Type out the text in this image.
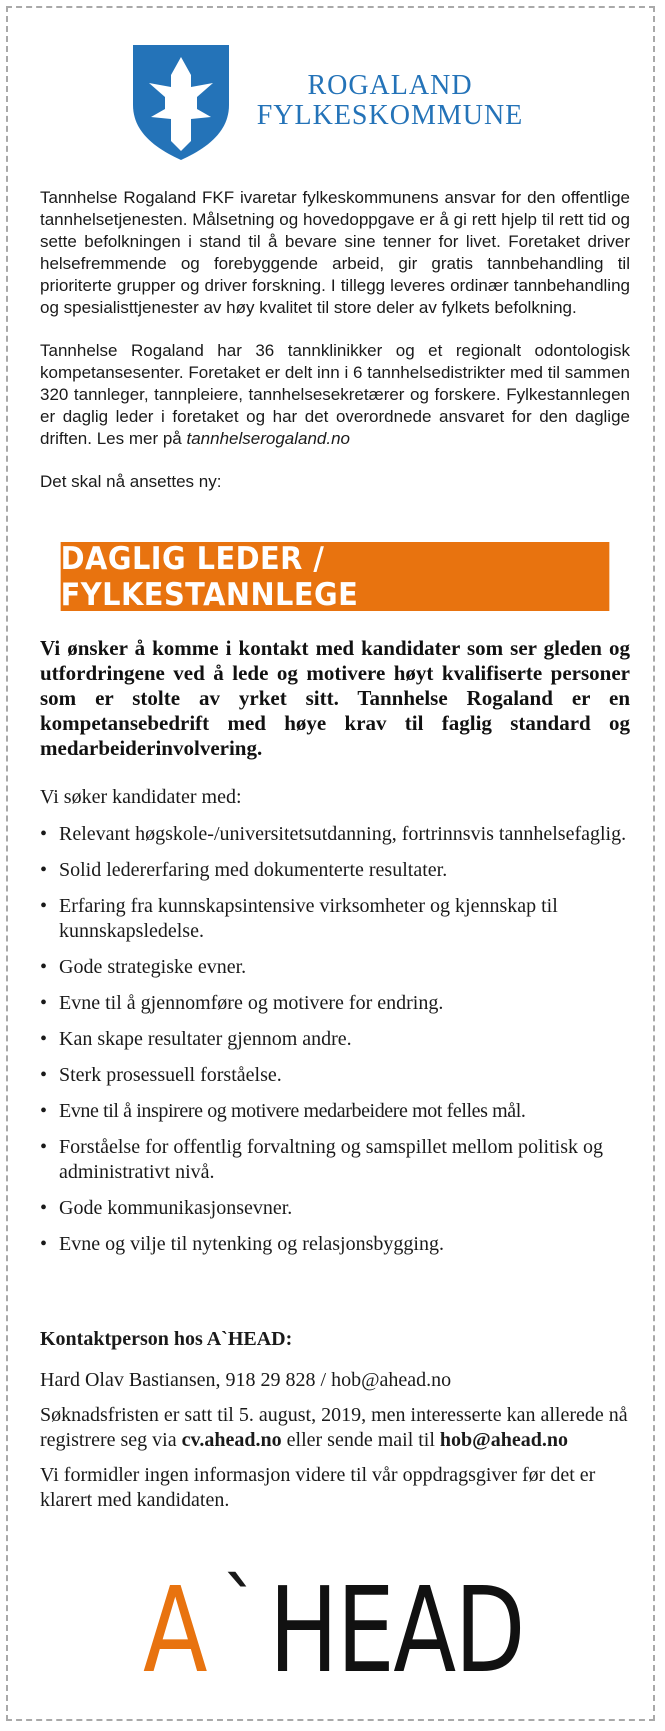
ROGALAND
FYLKESKOMMUNE

Tannhelse Rogaland FKF ivaretar fylkeskommunens ansvar for den offentlige tannhelsetjenesten. Målsetning og hovedoppgave er å gi rett hjelp til rett tid og sette befolkningen i stand til å bevare sine tenner for livet. Foretaket driver helsefremmende og forebyggende arbeid, gir gratis tannbehandling til prioriterte grupper og driver forskning. I tillegg leveres ordinær tannbehandling og spesialisttjenester av høy kvalitet til store deler av fylkets befolkning.

Tannhelse Rogaland har 36 tannklinikker og et regionalt odontologisk kompetansesenter. Foretaket er delt inn i 6 tannhelsedistrikter med til sammen 320 tannleger, tannpleiere, tannhelsesekretærer og forskere. Fylkestannlegen er daglig leder i foretaket og har det overordnede ansvaret for den daglige driften. Les mer på tannhelserogaland.no

Det skal nå ansettes ny:

DAGLIG LEDER / FYLKESTANNLEGE

Vi ønsker å komme i kontakt med kandidater som ser gleden og utfordringene ved å lede og motivere høyt kvalifiserte personer som er stolte av yrket sitt. Tannhelse Rogaland er en kompetansebedrift med høye krav til faglig standard og medarbeiderinvolvering.

Vi søker kandidater med:

• Relevant høgskole-/universitetsutdanning, fortrinnsvis tannhelsefaglig.
• Solid ledererfaring med dokumenterte resultater.
• Erfaring fra kunnskapsintensive virksomheter og kjennskap til kunnskapsledelse.
• Gode strategiske evner.
• Evne til å gjennomføre og motivere for endring.
• Kan skape resultater gjennom andre.
• Sterk prosessuell forståelse.
• Evne til å inspirere og motivere medarbeidere mot felles mål.
• Forståelse for offentlig forvaltning og samspillet mellom politisk og administrativt nivå.
• Gode kommunikasjonsevner.
• Evne og vilje til nytenking og relasjonsbygging.

Kontaktperson hos A`HEAD:

Hard Olav Bastiansen, 918 29 828 / hob@ahead.no

Søknadsfristen er satt til 5. august, 2019, men interesserte kan allerede nå registrere seg via cv.ahead.no eller sende mail til hob@ahead.no

Vi formidler ingen informasjon videre til vår oppdragsgiver før det er klarert med kandidaten.

A ` HEAD
